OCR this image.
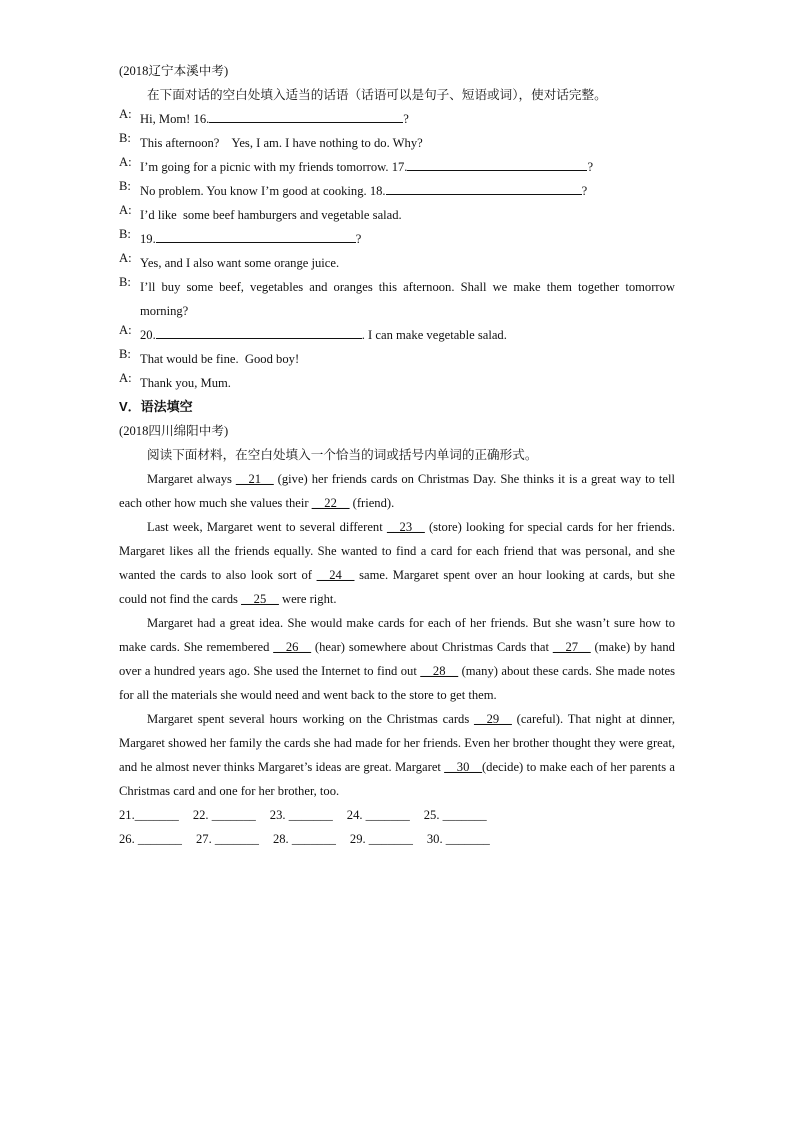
(2018辽宁本溪中考)
在下面对话的空白处填入适当的话语（话语可以是句子、短语或词），使对话完整。
A: Hi, Mom! 16.	?
B: This afternoon?    Yes, I am. I have nothing to do. Why?
A: I’m going for a picnic with my friends tomorrow. 17.	?
B: No problem. You know I’m good at cooking. 18.	?
A: I’d like  some beef hamburgers and vegetable salad.
B: 19.	?
A: Yes, and I also want some orange juice.
B: I’ll buy some beef, vegetables and oranges this afternoon. Shall we make them together tomorrow morning?
A: 20.	. I can make vegetable salad.
B: That would be fine.  Good boy!
A: Thank you, Mum.
V．语法填空
(2018四川绵阳中考)
阅读下面材料，在空白处填入一个恰当的词或括号内单词的正确形式。
Margaret always __21__ (give) her friends cards on Christmas Day. She thinks it is a great way to tell each other how much she values their __22__ (friend).
Last week, Margaret went to several different __23__ (store) looking for special cards for her friends. Margaret likes all the friends equally. She wanted to find a card for each friend that was personal, and she wanted the cards to also look sort of __24__ same. Margaret spent over an hour looking at cards, but she could not find the cards __25__ were right.
Margaret had a great idea. She would make cards for each of her friends. But she wasn’t sure how to make cards. She remembered __26__ (hear) somewhere about Christmas Cards that __27__ (make) by hand over a hundred years ago. She used the Internet to find out __28__ (many) about these cards. She made notes for all the materials she would need and went back to the store to get them.
Margaret spent several hours working on the Christmas cards __29__ (careful). That night at dinner, Margaret showed her family the cards she had made for her friends. Even her brother thought they were great, and he almost never thinks Margaret’s ideas are great. Margaret __30__(decide) to make each of her parents a Christmas card and one for her brother, too.
21._______ 22. _______ 23. _______ 24. _______ 25. _______
26. _______ 27. _______ 28. _______ 29. _______ 30. _______
